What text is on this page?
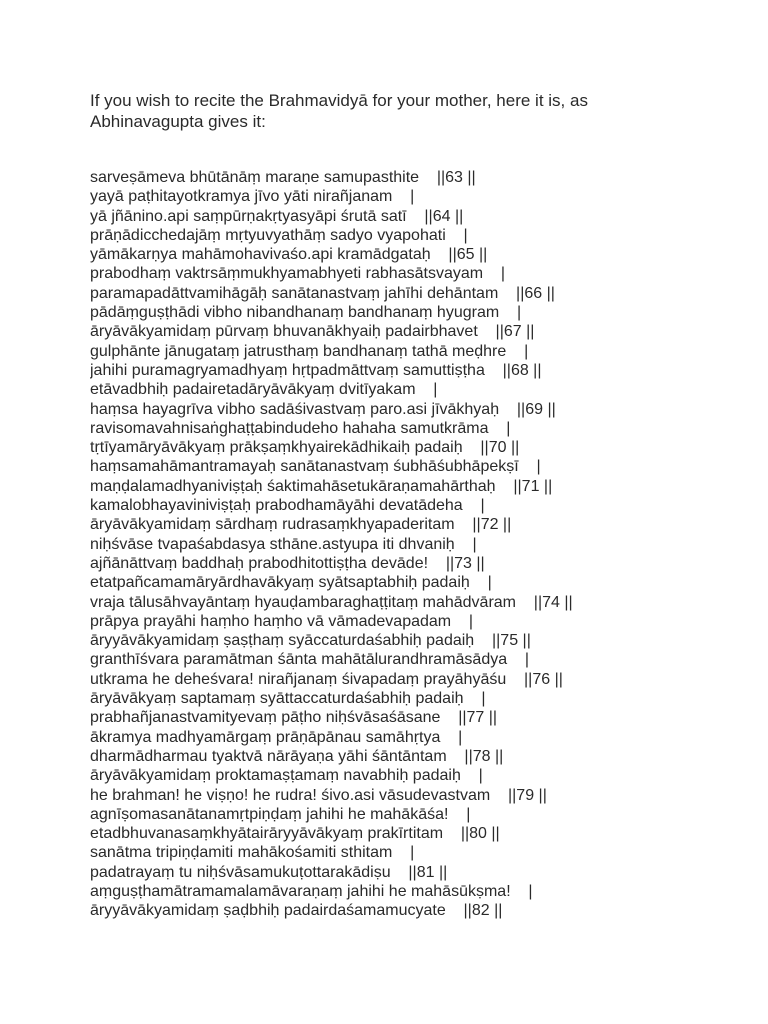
If you wish to recite the Brahmavidyā for your mother, here it is, as
Abhinavagupta gives it:

sarveṣāmeva bhūtānāṃ maraṇe samupasthite    ||63 ||
yayā paṭhitayotkramya jīvo yāti nirañjanam    |
yā jñānino.api saṃpūrṇakṛtyasyāpi śrutā satī    ||64 ||
prāṇādicchedajāṃ mṛtyuvyathāṃ sadyo vyapohati    |
yāmākarṇya mahāmohavivaśo.api kramādgataḥ    ||65 ||
prabodhaṃ vaktrsāṃmukhyamabhyeti rabhasātsvayam    |
paramapadāttvamihāgāḥ sanātanastvaṃ jahīhi dehāntam    ||66 ||
pādāṃguṣṭhādi vibho nibandhanaṃ bandhanaṃ hyugram    |
āryāvākyamidaṃ pūrvaṃ bhuvanākhyaiḥ padairbhavet    ||67 ||
gulphānte jānugataṃ jatrusthaṃ bandhanaṃ tathā meḍhre    |
jahihi puramagryamadhyaṃ hṛtpadmāttvaṃ samuttiṣṭha    ||68 ||
etāvadbhiḥ padairetadāryāvākyaṃ dvitīyakam    |
haṃsa hayagrīva vibho sadāśivastvaṃ paro.asi jīvākhyaḥ    ||69 ||
ravisomavahnisaṅghaṭṭabindudeho hahaha samutkrāma    |
tṛtīyamāryāvākyaṃ prākṣaṃkhyairekādhikaiḥ padaiḥ    ||70 ||
haṃsamahāmantramayaḥ sanātanastvaṃ śubhāśubhāpekṣī    |
maṇḍalamadhyaniviṣṭaḥ śaktimahāsetukāraṇamahārthaḥ    ||71 ||
kamalobhayaviniviṣṭaḥ prabodhamāyāhi devatādeha    |
āryāvākyamidaṃ sārdhaṃ rudrasaṃkhyapaderitam    ||72 ||
niḥśvāse tvapaśabdasya sthāne.astyupa iti dhvaniḥ    |
ajñānāttvaṃ baddhaḥ prabodhitottiṣṭha devāde!    ||73 ||
etatpañcamamāryārdhavākyaṃ syātsaptabhiḥ padaiḥ    |
vraja tālusāhvayāntaṃ hyauḍambaraghaṭṭitaṃ mahādvāram    ||74 ||
prāpya prayāhi haṃho haṃho vā vāmadevapadam    |
āryyāvākyamidaṃ ṣaṣṭhaṃ syāccaturdaśabhiḥ padaiḥ    ||75 ||
granthīśvara paramātman śānta mahātālurandhramāsādya    |
utkrama he deheśvara! nirañjanaṃ śivapadaṃ prayāhyāśu    ||76 ||
āryāvākyaṃ saptamaṃ syāttaccaturdaśabhiḥ padaiḥ    |
prabhañjanastvamityevaṃ pāṭho niḥśvāsaśāsane    ||77 ||
ākramya madhyamārgaṃ prāṇāpānau samāhṛtya    |
dharmādharmau tyaktvā nārāyaṇa yāhi śāntāntam    ||78 ||
āryāvākyamidaṃ proktamaṣṭamaṃ navabhiḥ padaiḥ    |
he brahman! he viṣṇo! he rudra! śivo.asi vāsudevastvam    ||79 ||
agnīṣomasanātanamṛtpiṇḍaṃ jahihi he mahākāśa!    |
etadbhuvanasaṃkhyātairāryyāvākyaṃ prakīrtitam    ||80 ||
sanātma tripiṇḍamiti mahākośamiti sthitam    |
padatrayaṃ tu niḥśvāsamukuṭottarakādiṣu    ||81 ||
aṃguṣṭhamātramamalamāvaraṇaṃ jahihi he mahāsūkṣma!    |
āryyāvākyamidaṃ ṣaḍbhiḥ padairdaśamamucyate    ||82 ||
